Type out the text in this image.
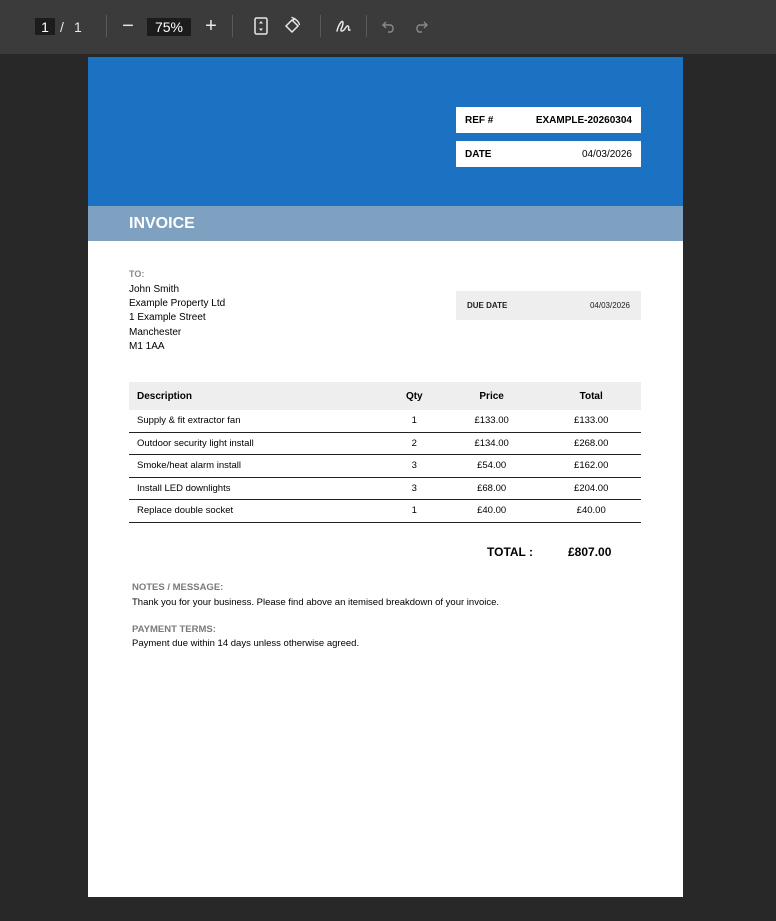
1 / 1 −	75%	+
REF #	EXAMPLE-20260304
DATE	04/03/2026
INVOICE
TO:
John Smith
Example Property Ltd
1 Example Street
Manchester
M1 1AA
DUE DATE	04/03/2026
Description	Qty	Price	Total
Supply & fit extractor fan	1	£133.00	£133.00
Outdoor security light install	2	£134.00	£268.00
Smoke/heat alarm install	3	£54.00	£162.00
Install LED downlights	3	£68.00	£204.00
Replace double socket	1	£40.00	£40.00
TOTAL :	£807.00
NOTES / MESSAGE:
Thank you for your business. Please find above an itemised breakdown of your invoice.
PAYMENT TERMS:
Payment due within 14 days unless otherwise agreed.
